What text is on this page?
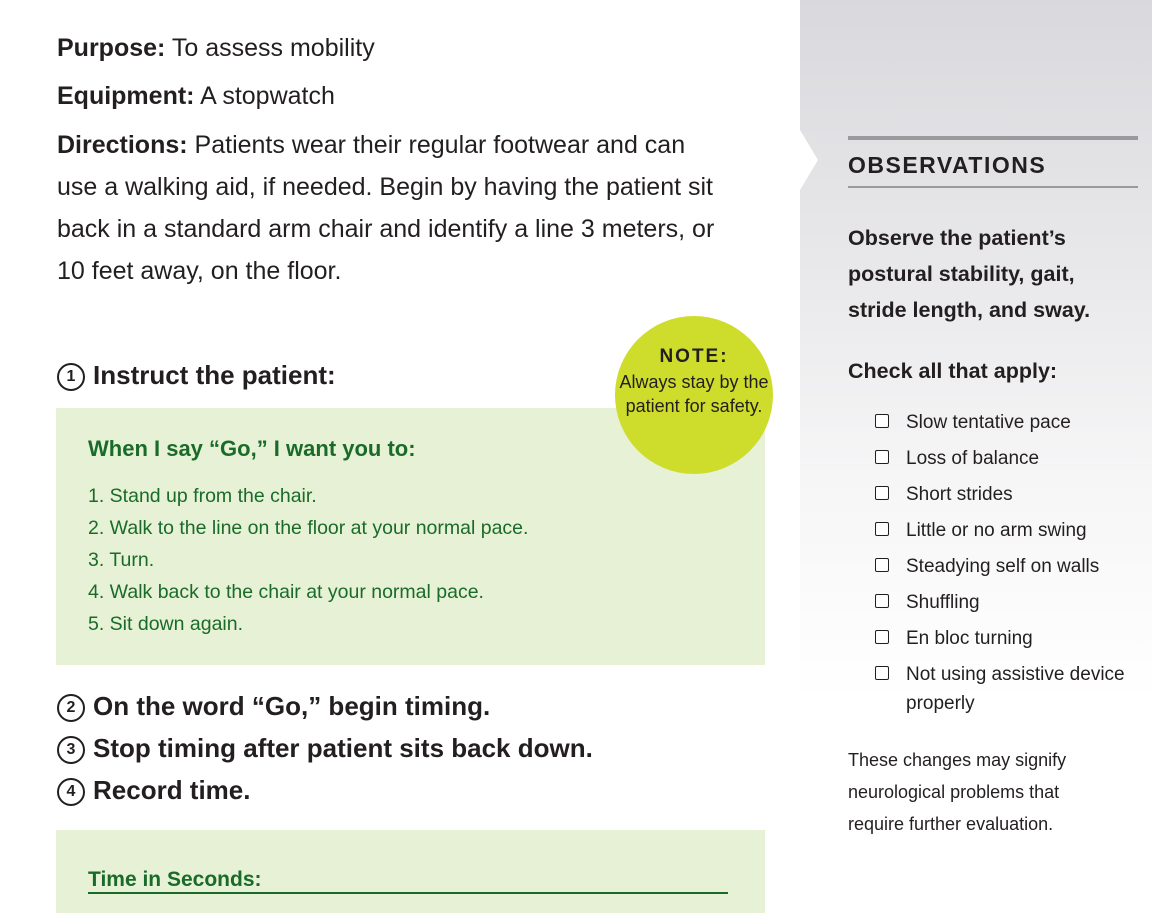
Purpose: To assess mobility
Equipment: A stopwatch
Directions: Patients wear their regular footwear and can use a walking aid, if needed. Begin by having the patient sit back in a standard arm chair and identify a line 3 meters, or 10 feet away, on the floor.
1 Instruct the patient:
2 On the word “Go,” begin timing.
3 Stop timing after patient sits back down.
4 Record time.
When I say “Go,” I want you to:
1. Stand up from the chair.
2. Walk to the line on the floor at your normal pace.
3. Turn.
4. Walk back to the chair at your normal pace.
5. Sit down again.
NOTE:
Always stay by the patient for safety.
Time in Seconds:
OBSERVATIONS
Observe the patient’s postural stability, gait, stride length, and sway.
Check all that apply:
Slow tentative pace
Loss of balance
Short strides
Little or no arm swing
Steadying self on walls
Shuffling
En bloc turning
Not using assistive device properly
These changes may signify neurological problems that require further evaluation.
